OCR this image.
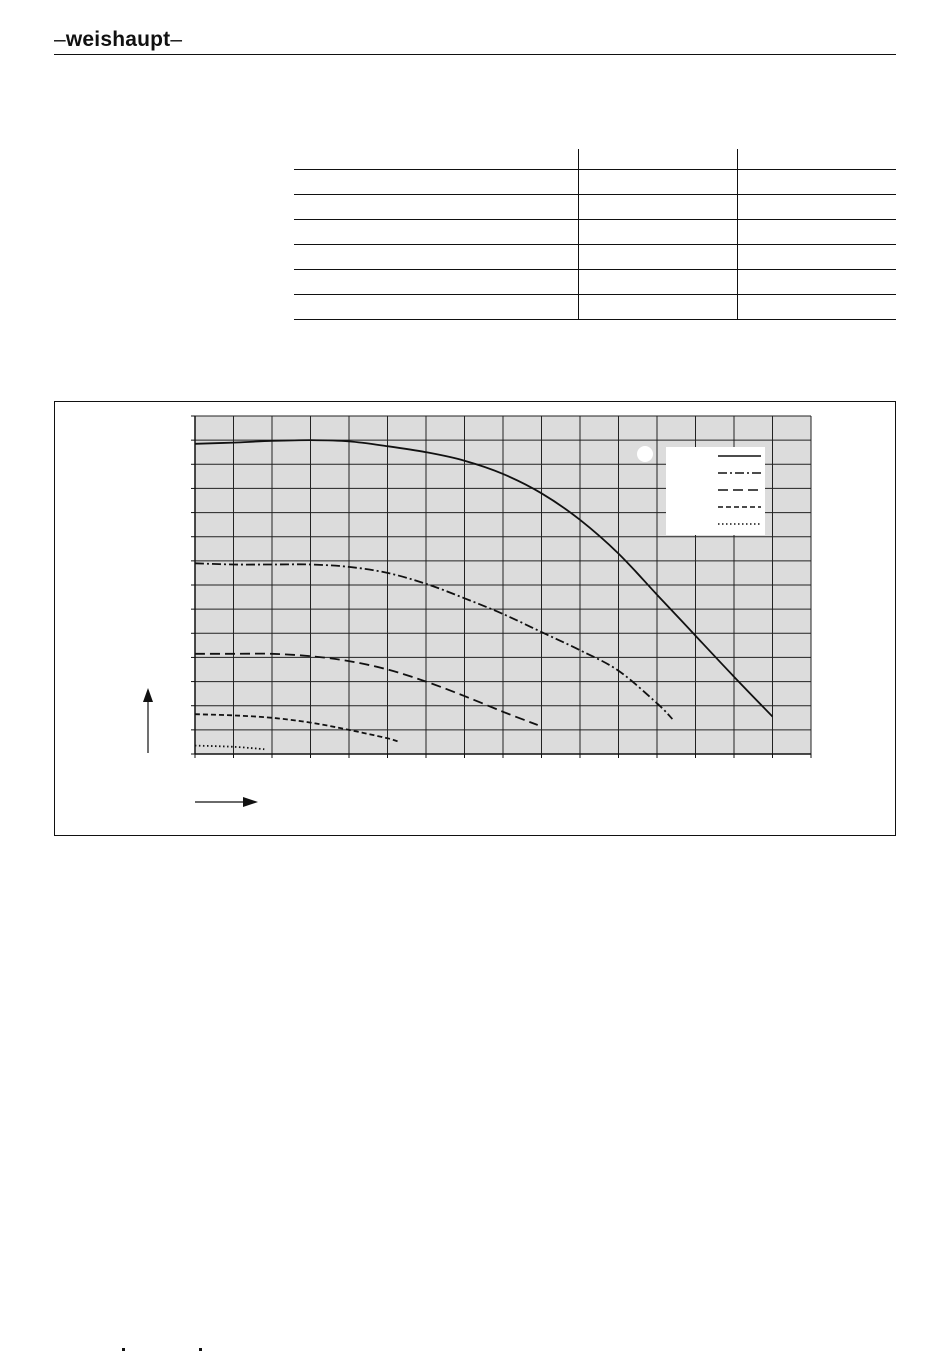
–weishaupt–
